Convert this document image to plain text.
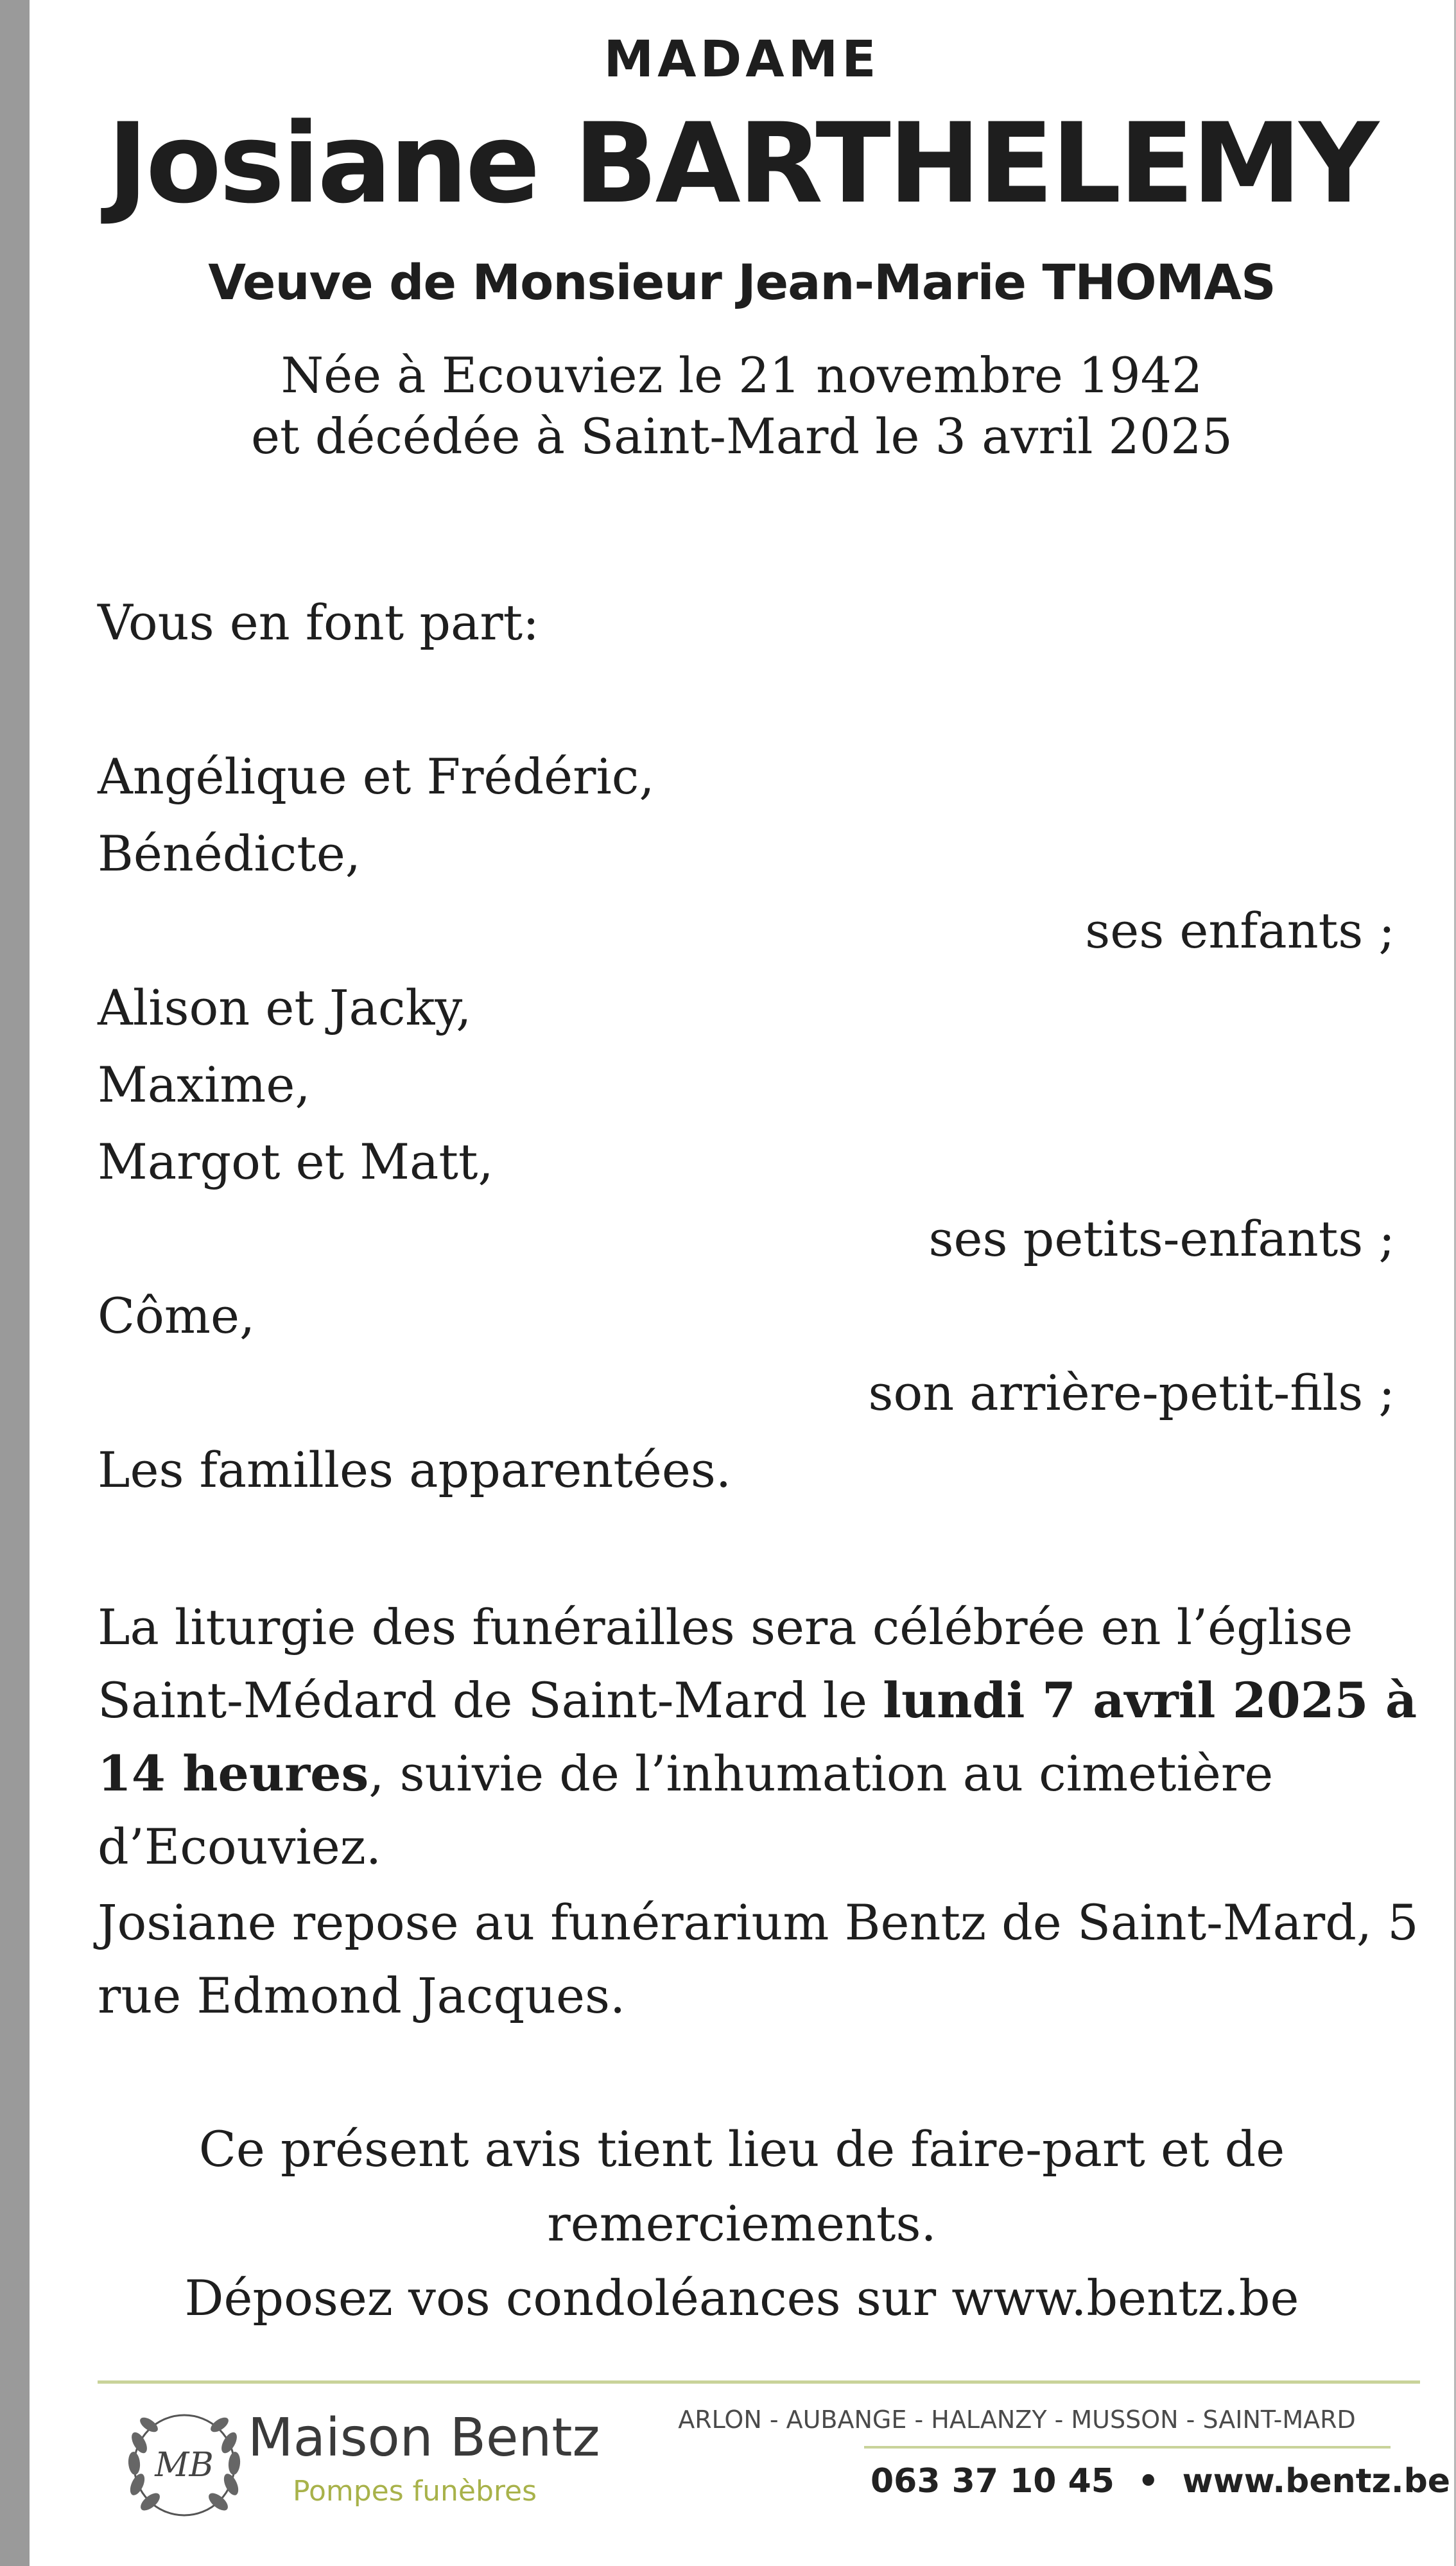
MADAME
Josiane BARTHELEMY
Veuve de Monsieur Jean-Marie THOMAS
Née à Ecouviez le 21 novembre 1942
et décédée à Saint-Mard le 3 avril 2025
Vous en font part:
Angélique et Frédéric,
Bénédicte,
ses enfants ;
Alison et Jacky,
Maxime,
Margot et Matt,
ses petits-enfants ;
Côme,
son arrière-petit-fils ;
Les familles apparentées.
La liturgie des funérailles sera célébrée en l’église Saint-Médard de Saint-Mard le lundi 7 avril 2025 à 14 heures, suivie de l’inhumation au cimetière d’Ecouviez.
Josiane repose au funérarium Bentz de Saint-Mard, 5 rue Edmond Jacques.
Ce présent avis tient lieu de faire-part et de
remerciements.
Déposez vos condoléances sur www.bentz.be
MB Maison Bentz
Pompes funèbres
ARLON - AUBANGE - HALANZY - MUSSON - SAINT-MARD
063 37 10 45 • www.bentz.be
